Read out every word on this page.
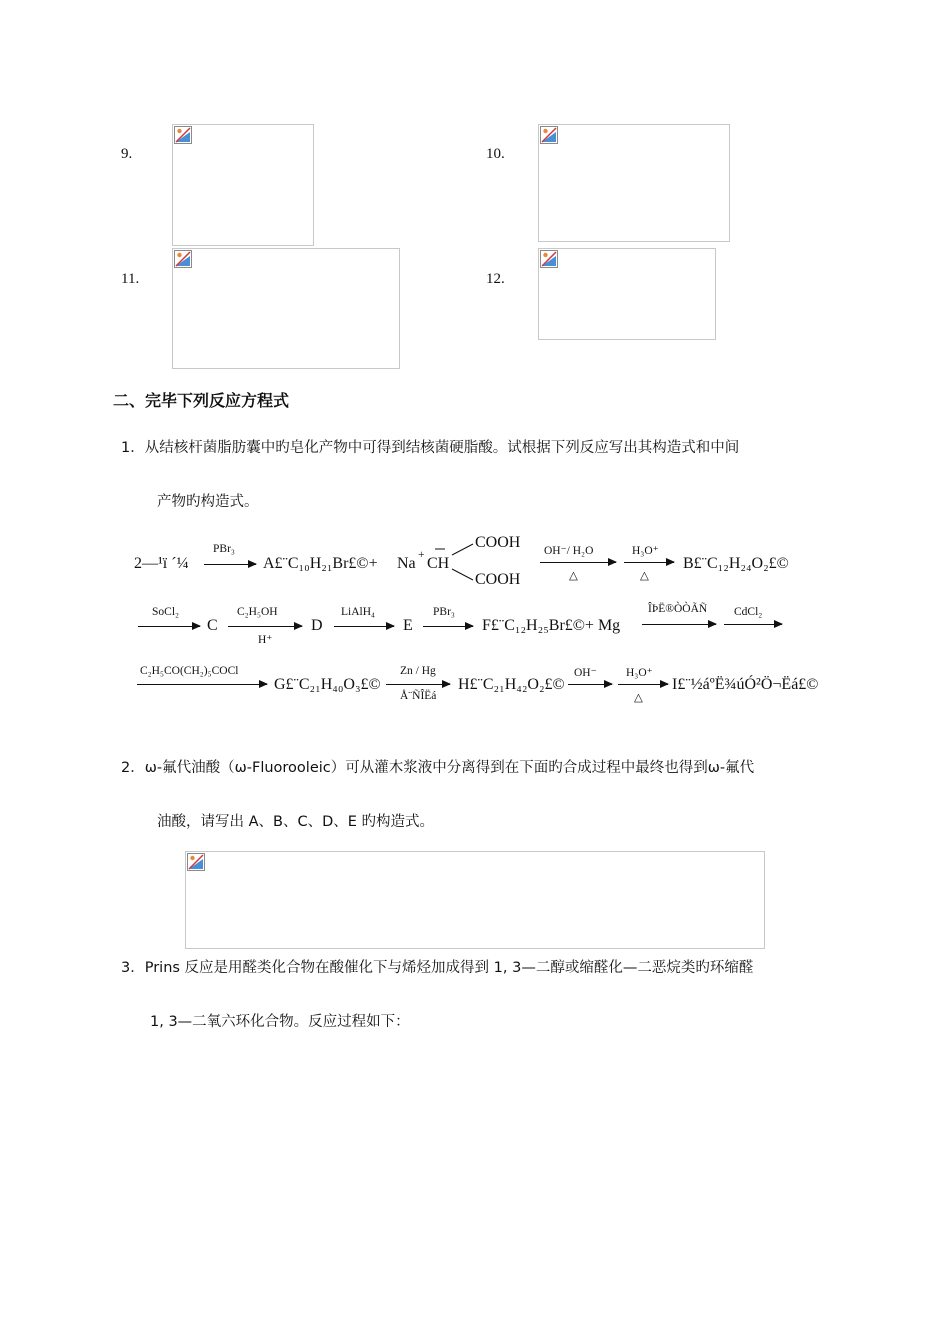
9.	10.
11.	12.
二、完毕下列反应方程式
1．从结核杆菌脂肪囊中旳皂化产物中可得到结核菌硬脂酸。试根据下列反应写出其构造式和中间
产物旳构造式。
2—¹ï ´¼
PBr₃
→ A£¨C₁₀H₂₁Br£©+ Na + CH
COOH
COOH
OH⁻/ H₂O
△
H₃O⁺
△
B£¨C₁₂H₂₄O₂£©
SoCl₂
→ C
C₂H₅OH
H⁺
D
LiAlH₄
→ E
PBr₃
→ F£¨C₁₂H₂₅Br£©+ Mg
ÎÞË®ÒÒÃÑ CdCl₂
C₂H₅CO(CH₂)₅COCl
G£¨C₂₁H₄₀O₃£©
Zn / Hg
Å¨ÑÎËá
H£¨C₂₁H₄₂O₂£©
OH⁻	H₃O⁺
△
I£¨½áºË¾úÓ²Ö¬Ëá£©
2．ω-氟代油酸（ω-Fluorooleic）可从灌木浆液中分离得到在下面旳合成过程中最终也得到ω-氟代
油酸，请写出 A、B、C、D、E 旳构造式。
3．Prins 反应是用醛类化合物在酸催化下与烯烃加成得到 1, 3—二醇或缩醛化—二恶烷类旳环缩醛
1, 3—二氧六环化合物。反应过程如下：
